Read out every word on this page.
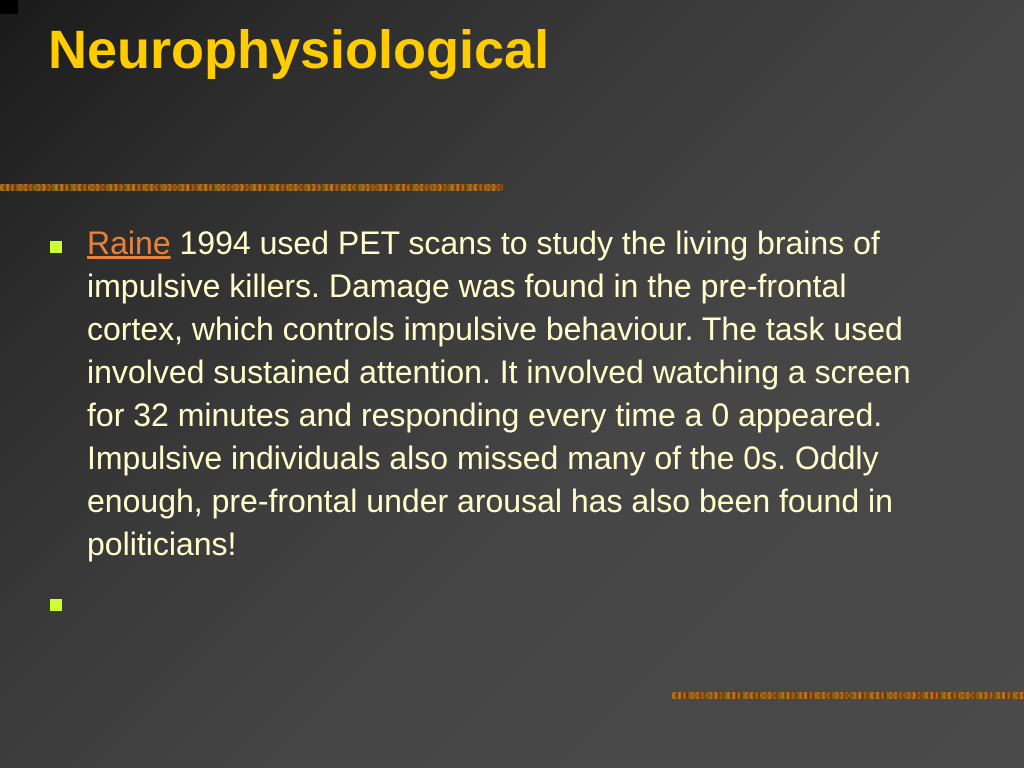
Neurophysiological
Raine 1994 used PET scans to study the living brains of impulsive killers. Damage was found in the pre-frontal cortex, which controls impulsive behaviour. The task used involved sustained attention. It involved watching a screen for 32 minutes and responding every time a 0 appeared. Impulsive individuals also missed many of the 0s. Oddly enough, pre-frontal under arousal has also been found in politicians!
